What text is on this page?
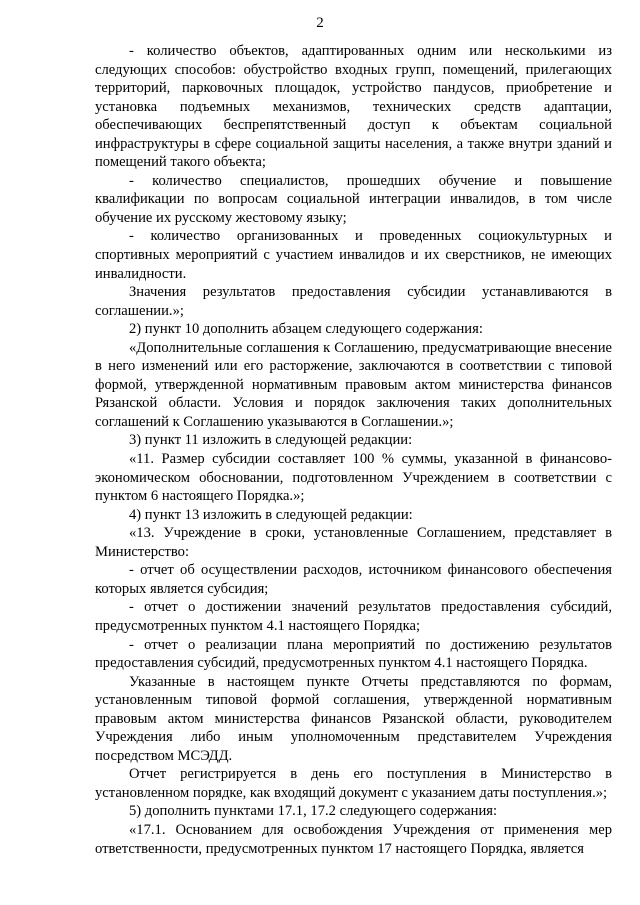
2

- количество объектов, адаптированных одним или несколькими из следующих способов: обустройство входных групп, помещений, прилегающих территорий, парковочных площадок, устройство пандусов, приобретение и установка подъемных механизмов, технических средств адаптации, обеспечивающих беспрепятственный доступ к объектам социальной инфраструктуры в сфере социальной защиты населения, а также внутри зданий и помещений такого объекта;

- количество специалистов, прошедших обучение и повышение квалификации по вопросам социальной интеграции инвалидов, в том числе обучение их русскому жестовому языку;

- количество организованных и проведенных социокультурных и спортивных мероприятий с участием инвалидов и их сверстников, не имеющих инвалидности.

Значения результатов предоставления субсидии устанавливаются в соглашении.»;

2) пункт 10 дополнить абзацем следующего содержания:

«Дополнительные соглашения к Соглашению, предусматривающие внесение в него изменений или его расторжение, заключаются в соответствии с типовой формой, утвержденной нормативным правовым актом министерства финансов Рязанской области. Условия и порядок заключения таких дополнительных соглашений к Соглашению указываются в Соглашении.»;

3) пункт 11 изложить в следующей редакции:

«11. Размер субсидии составляет 100 % суммы, указанной в финансово-экономическом обосновании, подготовленном Учреждением в соответствии с пунктом 6 настоящего Порядка.»;

4) пункт 13 изложить в следующей редакции:

«13. Учреждение в сроки, установленные Соглашением, представляет в Министерство:

- отчет об осуществлении расходов, источником финансового обеспечения которых является субсидия;

- отчет о достижении значений результатов предоставления субсидий, предусмотренных пунктом 4.1 настоящего Порядка;

- отчет о реализации плана мероприятий по достижению результатов предоставления субсидий, предусмотренных пунктом 4.1 настоящего Порядка.

Указанные в настоящем пункте Отчеты представляются по формам, установленным типовой формой соглашения, утвержденной нормативным правовым актом министерства финансов Рязанской области, руководителем Учреждения либо иным уполномоченным представителем Учреждения посредством МСЭДД.

Отчет регистрируется в день его поступления в Министерство в установленном порядке, как входящий документ с указанием даты поступления.»;

5) дополнить пунктами 17.1, 17.2 следующего содержания:

«17.1. Основанием для освобождения Учреждения от применения мер ответственности, предусмотренных пунктом 17 настоящего Порядка, является
